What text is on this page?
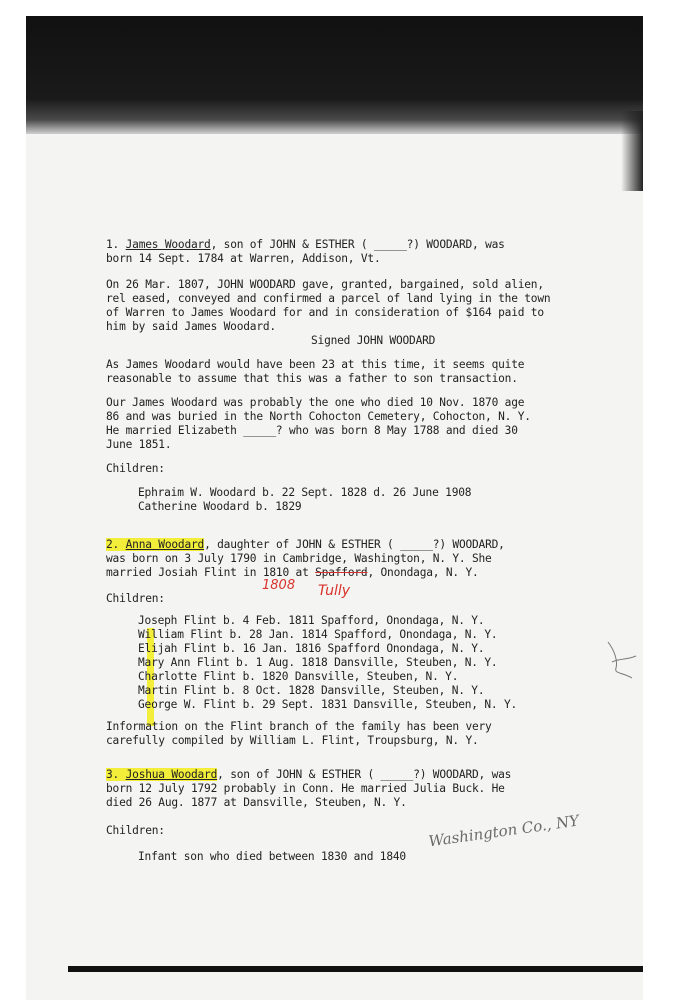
1. James Woodard, son of JOHN & ESTHER ( _____?) WOODARD, was
born 14 Sept. 1784 at Warren, Addison, Vt.
On 26 Mar. 1807, JOHN WOODARD gave, granted, bargained, sold alien,
rel eased, conveyed and confirmed a parcel of land lying in the town
of Warren to James Woodard for and in consideration of $164 paid to
him by said James Woodard.
Signed JOHN WOODARD
As James Woodard would have been 23 at this time, it seems quite
reasonable to assume that this was a father to son transaction.
Our James Woodard was probably the one who died 10 Nov. 1870 age
86 and was buried in the North Cohocton Cemetery, Cohocton, N. Y.
He married Elizabeth _____? who was born 8 May 1788 and died 30
June 1851.
Children:
Ephraim W. Woodard b. 22 Sept. 1828 d. 26 June 1908
Catherine Woodard b. 1829
2. Anna Woodard, daughter of JOHN & ESTHER ( _____?) WOODARD,
was born on 3 July 1790 in Cambridge, Washington, N. Y. She
married Josiah Flint in 1810 at Spafford, Onondaga, N. Y.
1808 Tully
Children:
Joseph Flint b. 4 Feb. 1811 Spafford, Onondaga, N. Y.
William Flint b. 28 Jan. 1814 Spafford, Onondaga, N. Y.
Elijah Flint b. 16 Jan. 1816 Spafford Onondaga, N. Y.
Mary Ann Flint b. 1 Aug. 1818 Dansville, Steuben, N. Y.
Charlotte Flint b. 1820 Dansville, Steuben, N. Y.
Martin Flint b. 8 Oct. 1828 Dansville, Steuben, N. Y.
George W. Flint b. 29 Sept. 1831 Dansville, Steuben, N. Y.
Information on the Flint branch of the family has been very
carefully compiled by William L. Flint, Troupsburg, N. Y.
3. Joshua Woodard, son of JOHN & ESTHER ( _____?) WOODARD, was
born 12 July 1792 probably in Conn. He married Julia Buck. He
died 26 Aug. 1877 at Dansville, Steuben, N. Y.
Children:	Washington Co., NY
Infant son who died between 1830 and 1840
